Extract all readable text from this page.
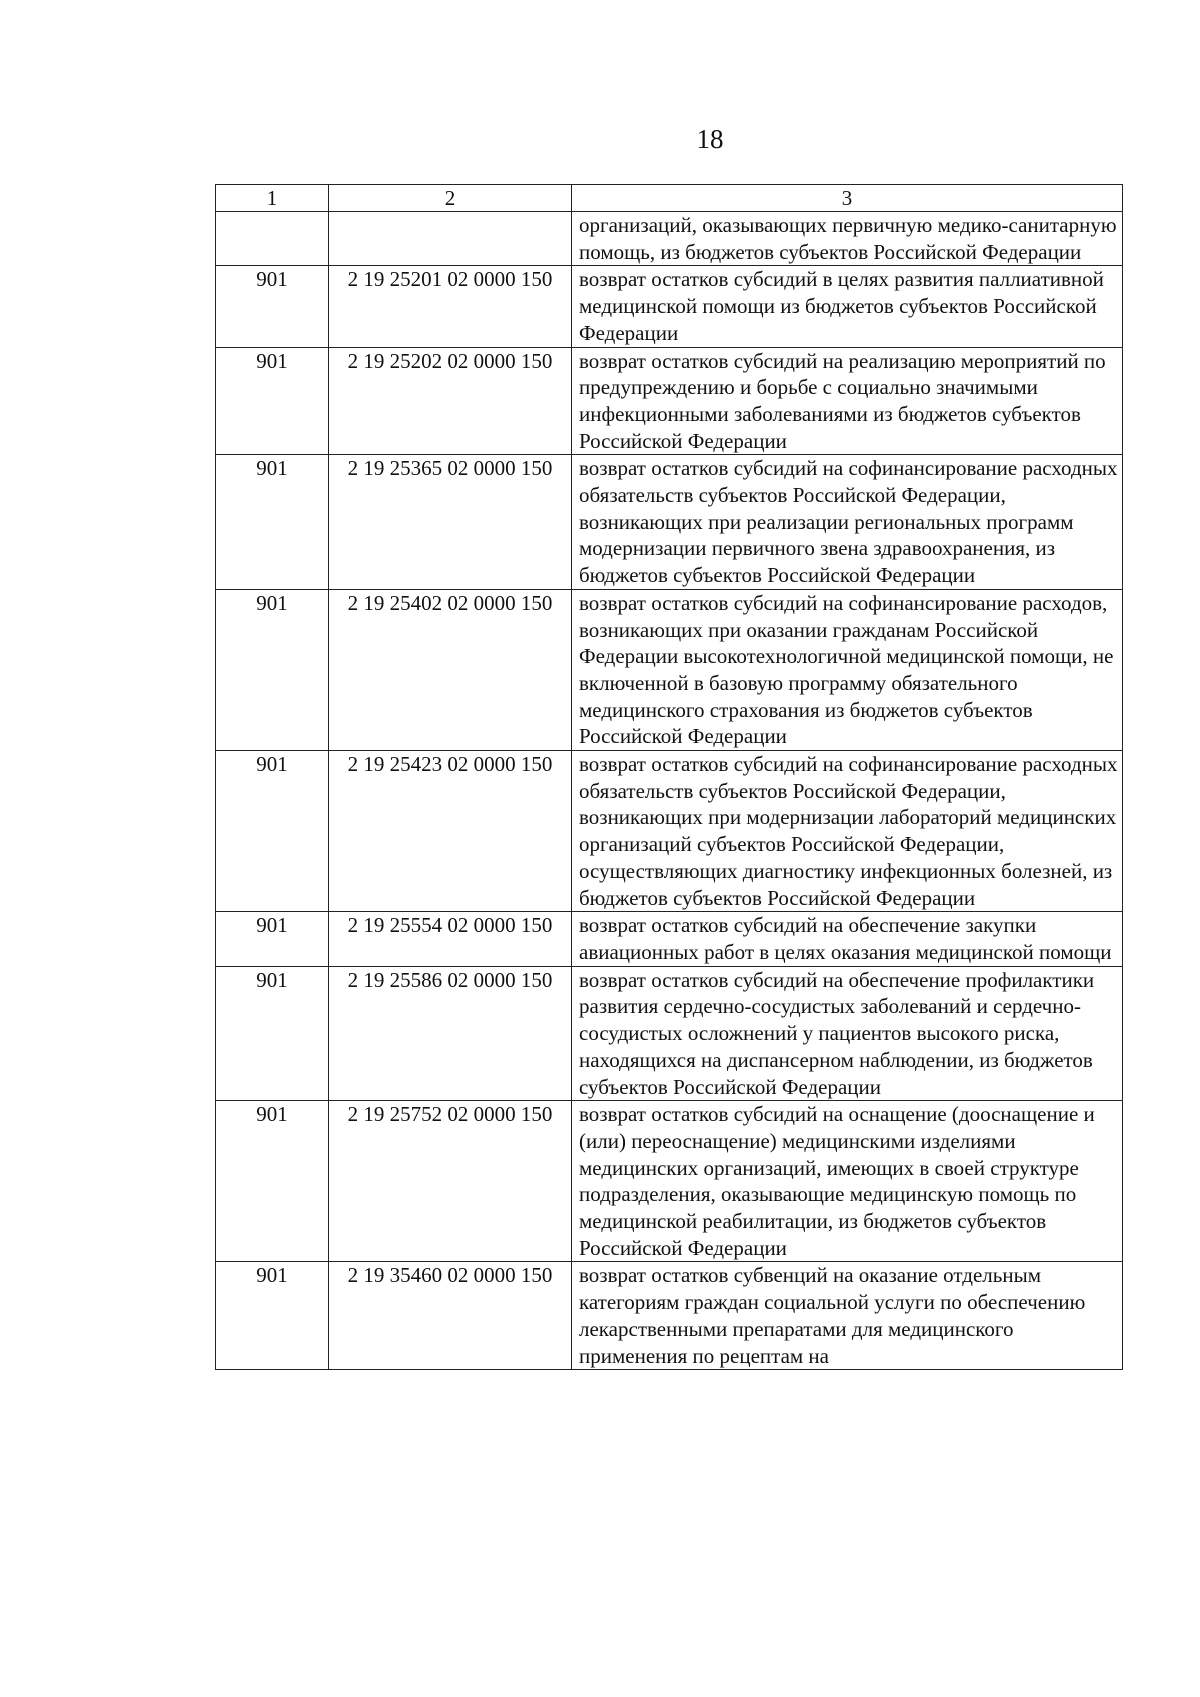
18
1	2	3
		организаций, оказывающих первичную медико-санитарную помощь, из бюджетов субъектов Российской Федерации
901	2 19 25201 02 0000 150	возврат остатков субсидий в целях развития паллиативной медицинской помощи из бюджетов субъектов Российской Федерации
901	2 19 25202 02 0000 150	возврат остатков субсидий на реализацию мероприятий по предупреждению и борьбе с социально значимыми инфекционными заболеваниями из бюджетов субъектов Российской Федерации
901	2 19 25365 02 0000 150	возврат остатков субсидий на софинансирование расходных обязательств субъектов Российской Федерации, возникающих при реализации региональных программ модернизации первичного звена здравоохранения, из бюджетов субъектов Российской Федерации
901	2 19 25402 02 0000 150	возврат остатков субсидий на софинансирование расходов, возникающих при оказании гражданам Российской Федерации высокотехнологичной медицинской помощи, не включенной в базовую программу обязательного медицинского страхования из бюджетов субъектов Российской Федерации
901	2 19 25423 02 0000 150	возврат остатков субсидий на софинансирование расходных обязательств субъектов Российской Федерации, возникающих при модернизации лабораторий медицинских организаций субъектов Российской Федерации, осуществляющих диагностику инфекционных болезней, из бюджетов субъектов Российской Федерации
901	2 19 25554 02 0000 150	возврат остатков субсидий на обеспечение закупки авиационных работ в целях оказания медицинской помощи
901	2 19 25586 02 0000 150	возврат остатков субсидий на обеспечение профилактики развития сердечно-сосудистых заболеваний и сердечно-сосудистых осложнений у пациентов высокого риска, находящихся на диспансерном наблюдении, из бюджетов субъектов Российской Федерации
901	2 19 25752 02 0000 150	возврат остатков субсидий на оснащение (дооснащение и (или) переоснащение) медицинскими изделиями медицинских организаций, имеющих в своей структуре подразделения, оказывающие медицинскую помощь по медицинской реабилитации, из бюджетов субъектов Российской Федерации
901	2 19 35460 02 0000 150	возврат остатков субвенций на оказание отдельным категориям граждан социальной услуги по обеспечению лекарственными препаратами для медицинского применения по рецептам на
